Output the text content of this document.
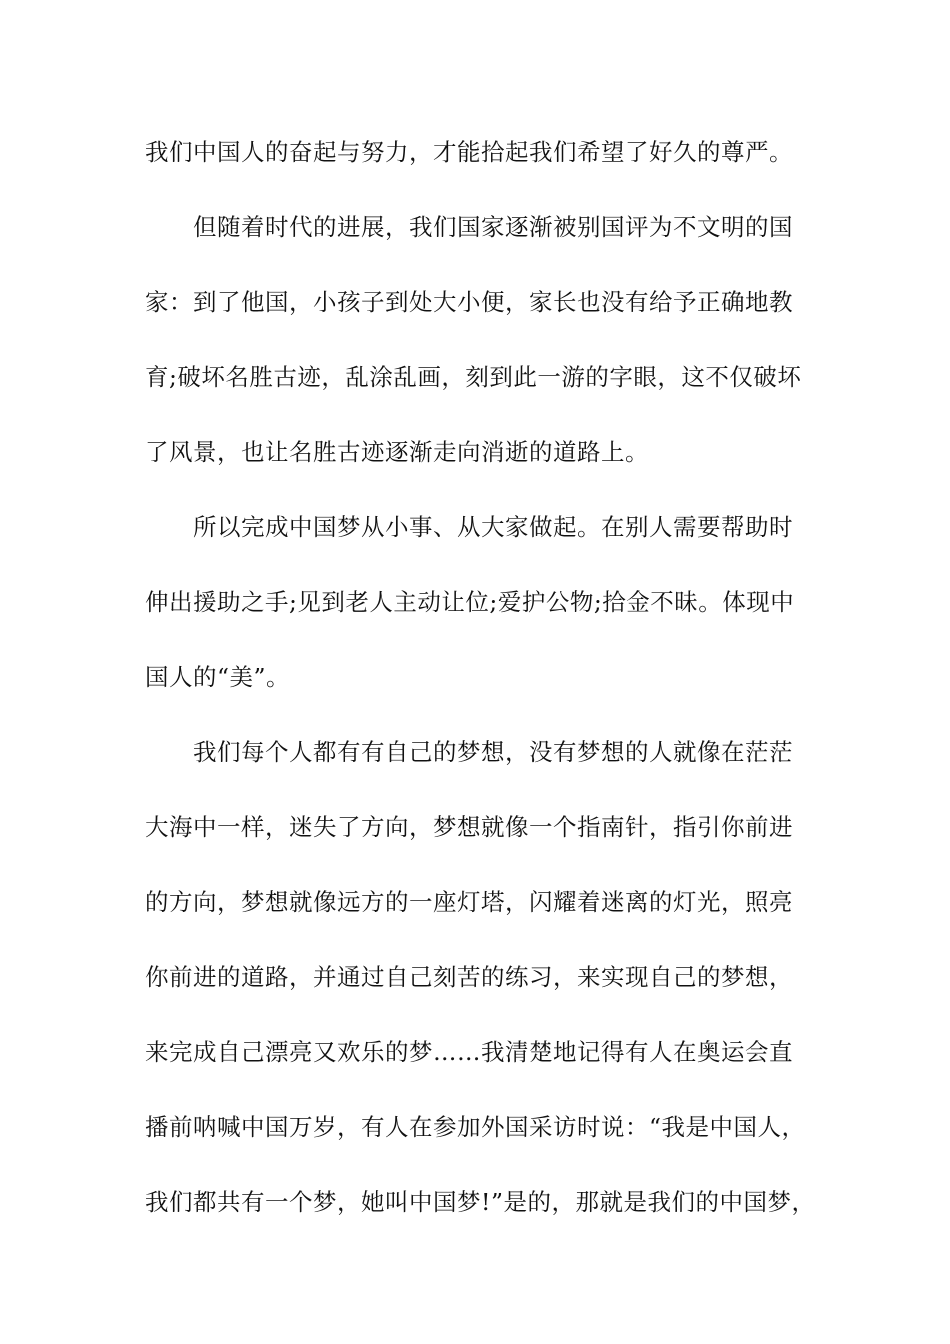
我们中国人的奋起与努力，才能拾起我们希望了好久的尊严。
但随着时代的进展，我们国家逐渐被别国评为不文明的国
家：到了他国，小孩子到处大小便，家长也没有给予正确地教
育;破坏名胜古迹，乱涂乱画，刻到此一游的字眼，这不仅破坏
了风景，也让名胜古迹逐渐走向消逝的道路上。
所以完成中国梦从小事、从大家做起。在别人需要帮助时
伸出援助之手;见到老人主动让位;爱护公物;拾金不昧。体现中
国人的“美”。
我们每个人都有有自己的梦想，没有梦想的人就像在茫茫
大海中一样，迷失了方向，梦想就像一个指南针，指引你前进
的方向，梦想就像远方的一座灯塔，闪耀着迷离的灯光，照亮
你前进的道路，并通过自己刻苦的练习，来实现自己的梦想，
来完成自己漂亮又欢乐的梦……我清楚地记得有人在奥运会直
播前呐喊中国万岁，有人在参加外国采访时说：“我是中国人，
我们都共有一个梦，她叫中国梦!”是的，那就是我们的中国梦，
